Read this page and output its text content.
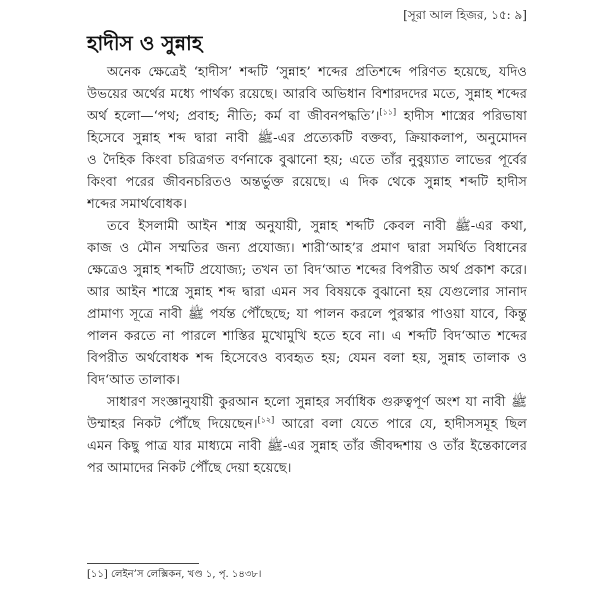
[সূরা আল হিজর, ১৫: ৯]
হাদীস ও সুন্নাহ
অনেক ক্ষেত্রেই ‘হাদীস’ শব্দটি ‘সুন্নাহ’ শব্দের প্রতিশব্দে পরিণত হয়েছে, যদিও
উভয়ের অর্থের মধ্যে পার্থক্য রয়েছে। আরবি অভিধান বিশারদদের মতে, সুন্নাহ শব্দের
অর্থ হলো—‘পথ; প্রবাহ; নীতি; কর্ম বা জীবনপদ্ধতি’।[১১] হাদীস শাস্ত্রের পরিভাষা
হিসেবে সুন্নাহ শব্দ দ্বারা নাবী ﷺ-এর প্রত্যেকটি বক্তব্য, ক্রিয়াকলাপ, অনুমোদন
ও দৈহিক কিংবা চরিত্রগত বর্ণনাকে বুঝানো হয়; এতে তাঁর নুবুয়্যাত লাভের পূর্বের
কিংবা পরের জীবনচরিতও অন্তর্ভুক্ত রয়েছে। এ দিক থেকে সুন্নাহ শব্দটি হাদীস
শব্দের সমার্থবোধক।
তবে ইসলামী আইন শাস্ত্র অনুযায়ী, সুন্নাহ শব্দটি কেবল নাবী ﷺ-এর কথা,
কাজ ও মৌন সম্মতির জন্য প্রযোজ্য। শারী‘আহ’র প্রমাণ দ্বারা সমর্থিত বিধানের
ক্ষেত্রেও সুন্নাহ শব্দটি প্রযোজ্য; তখন তা বিদ‘আত শব্দের বিপরীত অর্থ প্রকাশ করে।
আর আইন শাস্ত্রে সুন্নাহ শব্দ দ্বারা এমন সব বিষয়কে বুঝানো হয় যেগুলোর সানাদ
প্রামাণ্য সূত্রে নাবী ﷺ পর্যন্ত পৌঁছেছে; যা পালন করলে পুরস্কার পাওয়া যাবে, কিন্তু
পালন করতে না পারলে শাস্তির মুখোমুখি হতে হবে না। এ শব্দটি বিদ‘আত শব্দের
বিপরীত অর্থবোধক শব্দ হিসেবেও ব্যবহৃত হয়; যেমন বলা হয়, সুন্নাহ তালাক ও
বিদ‘আত তালাক।
সাধারণ সংজ্ঞানুযায়ী কুরআন হলো সুন্নাহর সর্বাধিক গুরুত্বপূর্ণ অংশ যা নাবী ﷺ
উম্মাহর নিকট পৌঁছে দিয়েছেন।[১২] আরো বলা যেতে পারে যে, হাদীসসমূহ ছিল
এমন কিছু পাত্র যার মাধ্যমে নাবী ﷺ-এর সুন্নাহ তাঁর জীবদ্দশায় ও তাঁর ইন্তেকালের
পর আমাদের নিকট পৌঁছে দেয়া হয়েছে।
[১১] লেইন’স লেক্সিকন, খণ্ড ১, পৃ. ১৪৩৮।
